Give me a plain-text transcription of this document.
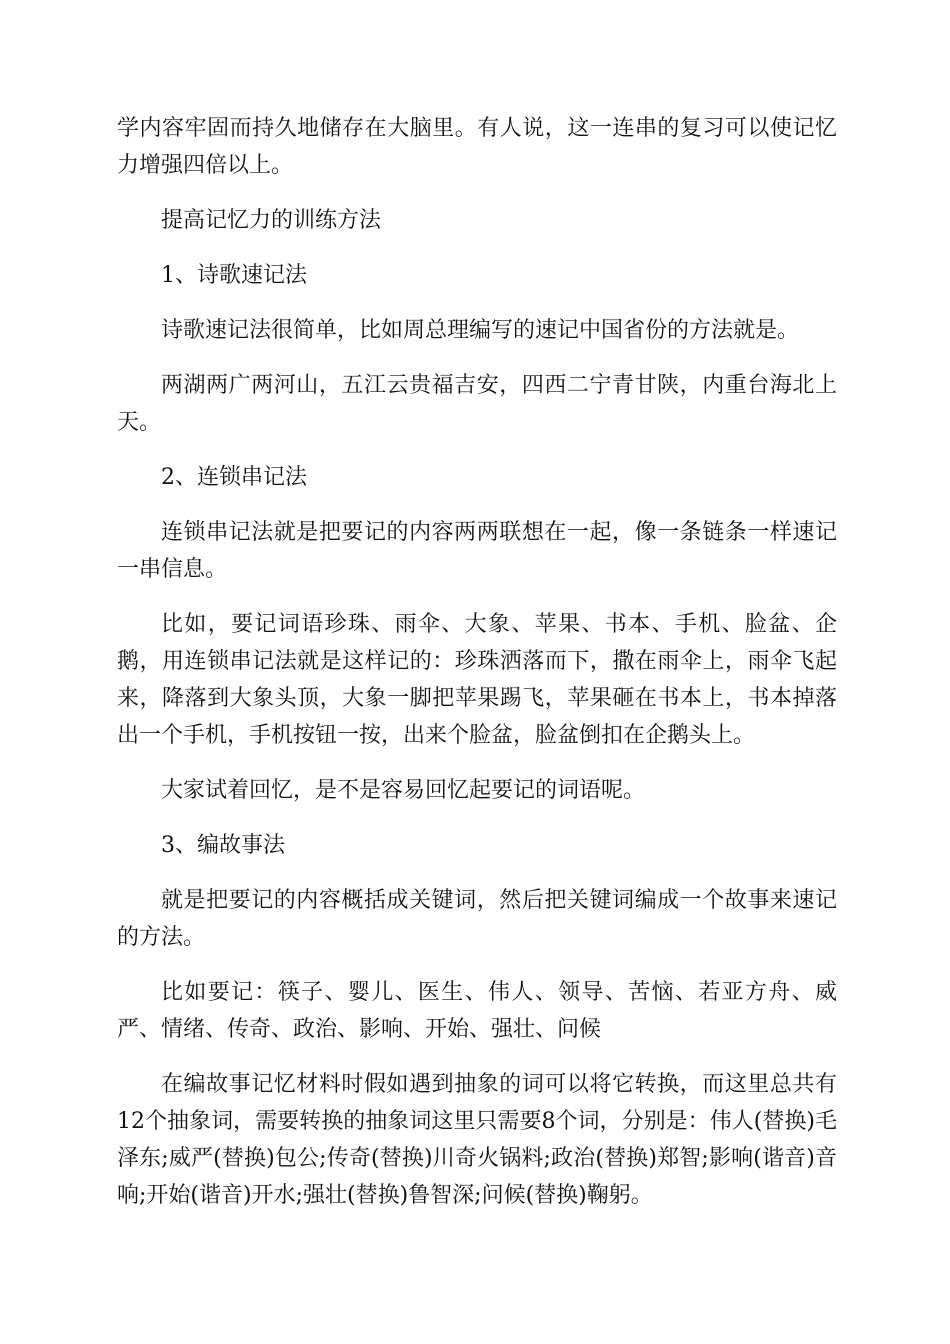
学内容牢固而持久地储存在大脑里。有人说，这一连串的复习可以使记忆力增强四倍以上。

提高记忆力的训练方法

1、诗歌速记法

诗歌速记法很简单，比如周总理编写的速记中国省份的方法就是。

两湖两广两河山，五江云贵福吉安，四西二宁青甘陕，内重台海北上天。

2、连锁串记法

连锁串记法就是把要记的内容两两联想在一起，像一条链条一样速记一串信息。

比如，要记词语珍珠、雨伞、大象、苹果、书本、手机、脸盆、企鹅，用连锁串记法就是这样记的：珍珠洒落而下，撒在雨伞上，雨伞飞起来，降落到大象头顶，大象一脚把苹果踢飞，苹果砸在书本上，书本掉落出一个手机，手机按钮一按，出来个脸盆，脸盆倒扣在企鹅头上。

大家试着回忆，是不是容易回忆起要记的词语呢。

3、编故事法

就是把要记的内容概括成关键词，然后把关键词编成一个故事来速记的方法。

比如要记：筷子、婴儿、医生、伟人、领导、苦恼、若亚方舟、威严、情绪、传奇、政治、影响、开始、强壮、问候

在编故事记忆材料时假如遇到抽象的词可以将它转换，而这里总共有12个抽象词，需要转换的抽象词这里只需要8个词，分别是：伟人(替换)毛泽东;威严(替换)包公;传奇(替换)川奇火锅料;政治(替换)郑智;影响(谐音)音响;开始(谐音)开水;强壮(替换)鲁智深;问候(替换)鞠躬。
